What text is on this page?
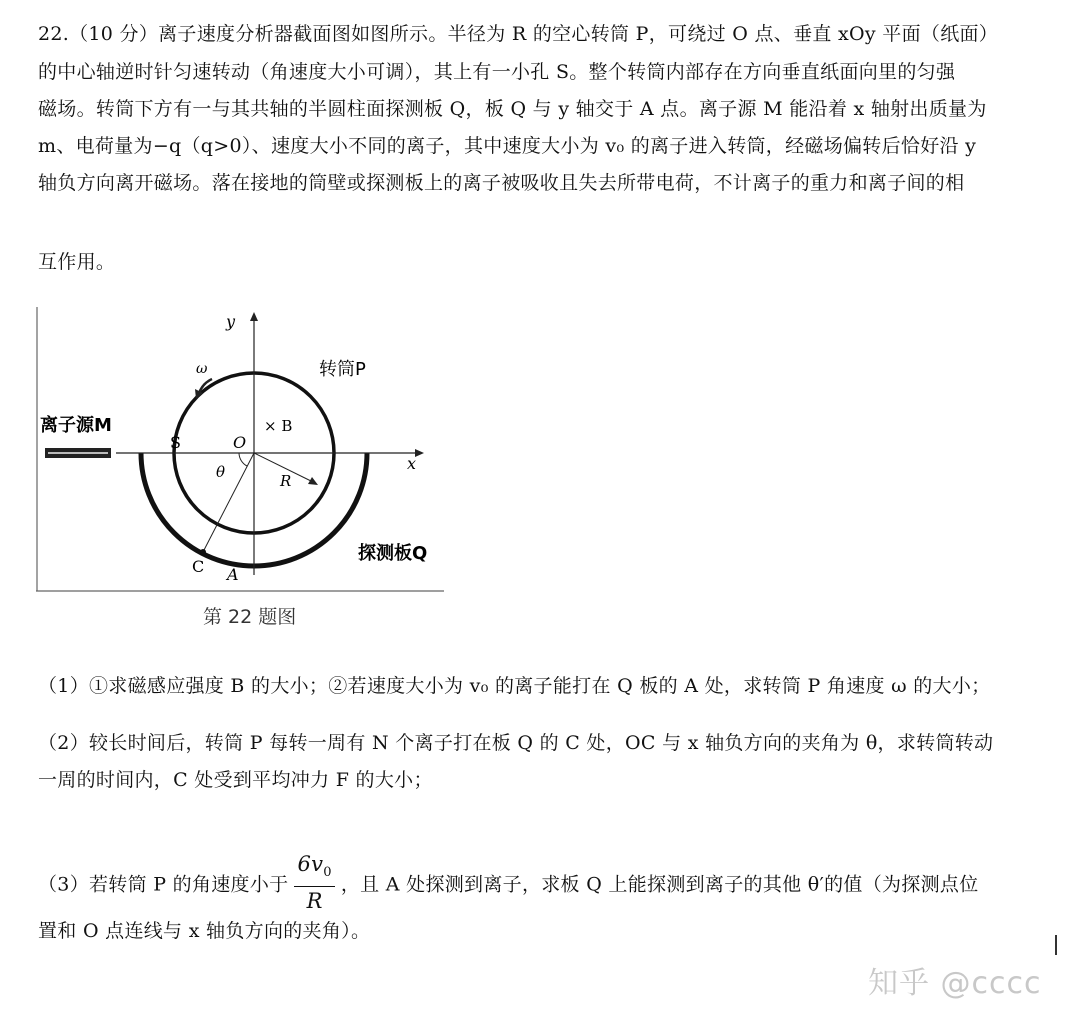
22.（10 分）离子速度分析器截面图如图所示。半径为 R 的空心转筒 P，可绕过 O 点、垂直 xOy 平面（纸面）
的中心轴逆时针匀速转动（角速度大小可调），其上有一小孔 S。整个转筒内部存在方向垂直纸面向里的匀强
磁场。转筒下方有一与其共轴的半圆柱面探测板 Q，板 Q 与 y 轴交于 A 点。离子源 M 能沿着 x 轴射出质量为
m、电荷量为−q（q>0）、速度大小不同的离子，其中速度大小为 v₀ 的离子进入转筒，经磁场偏转后恰好沿 y
轴负方向离开磁场。落在接地的筒壁或探测板上的离子被吸收且失去所带电荷，不计离子的重力和离子间的相
互作用。
y
ω	转筒P
× B
离子源M
S	O
θ	R
x
探测板Q
C A
第 22 题图
（1）①求磁感应强度 B 的大小；②若速度大小为 v₀ 的离子能打在 Q 板的 A 处，求转筒 P 角速度 ω 的大小；
（2）较长时间后，转筒 P 每转一周有 N 个离子打在板 Q 的 C 处，OC 与 x 轴负方向的夹角为 θ，求转筒转动
一周的时间内，C 处受到平均冲力 F 的大小；
（3）若转筒 P 的角速度小于 $\frac{6v_0}{R}$ ，且 A 处探测到离子，求板 Q 上能探测到离子的其他 θ′的值（为探测点位
置和 O 点连线与 x 轴负方向的夹角）。
知乎 @cccc
